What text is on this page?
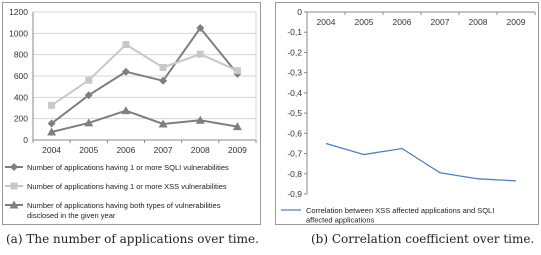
0
200
400
600
800
1000
1200
2004 2005 2006 2007 2008 2009
Number of applications having 1 or more SQLI vulnerabilities
Number of applications having 1 or more XSS vulnerabilities
Number of applications having both types of vulnerabilities disclosed in the given year
0
-0,1
-0,2
-0,3
-0,4
-0,5
-0,6
-0,7
-0,8
-0,9
2004 2005 2006 2007 2008 2009
Correlation between XSS affected applications and SQLI affected applications
(a) The number of applications over time.	(b) Correlation coefficient over time.
